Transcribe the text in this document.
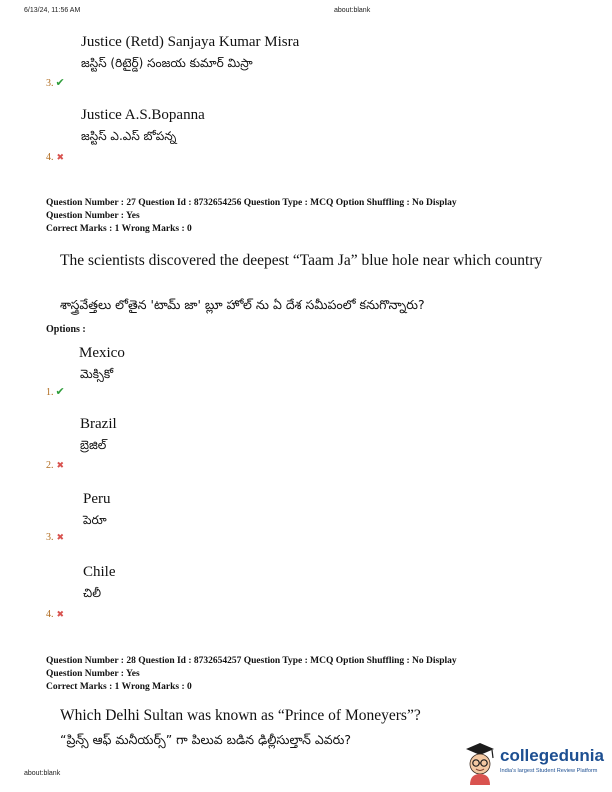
6/13/24, 11:56 AM	about:blank
Justice (Retd) Sanjaya Kumar Misra
జస్టిస్ (రిటైర్డ్) సంజయ కుమార్ మిస్రా
3. ✔
Justice A.S.Bopanna
జస్టిస్ ఎ.ఎస్ బోపన్న
4. ✖
Question Number : 27 Question Id : 8732654256 Question Type : MCQ Option Shuffling : No Display
Question Number : Yes
Correct Marks : 1 Wrong Marks : 0
The scientists discovered the deepest “Taam Ja” blue hole near which country
శాస్త్రవేత్తలు లోతైన 'టామ్ జా' బ్లూ హోల్ ను ఏ దేశ సమీపంలో కనుగొన్నారు?
Options :
Mexico
మెక్సికో
1. ✔
Brazil
బ్రెజిల్
2. ✖
Peru
పెరూ
3. ✖
Chile
చిలీ
4. ✖
Question Number : 28 Question Id : 8732654257 Question Type : MCQ Option Shuffling : No Display
Question Number : Yes
Correct Marks : 1 Wrong Marks : 0
Which Delhi Sultan was known as “Prince of Moneyers”?
“ప్రిన్స్ ఆఫ్ మనీయర్స్” గా పిలువ బడిన ఢిల్లీసుల్తాన్ ఎవరు?
about:blank
collegedunia
India's largest Student Review Platform
